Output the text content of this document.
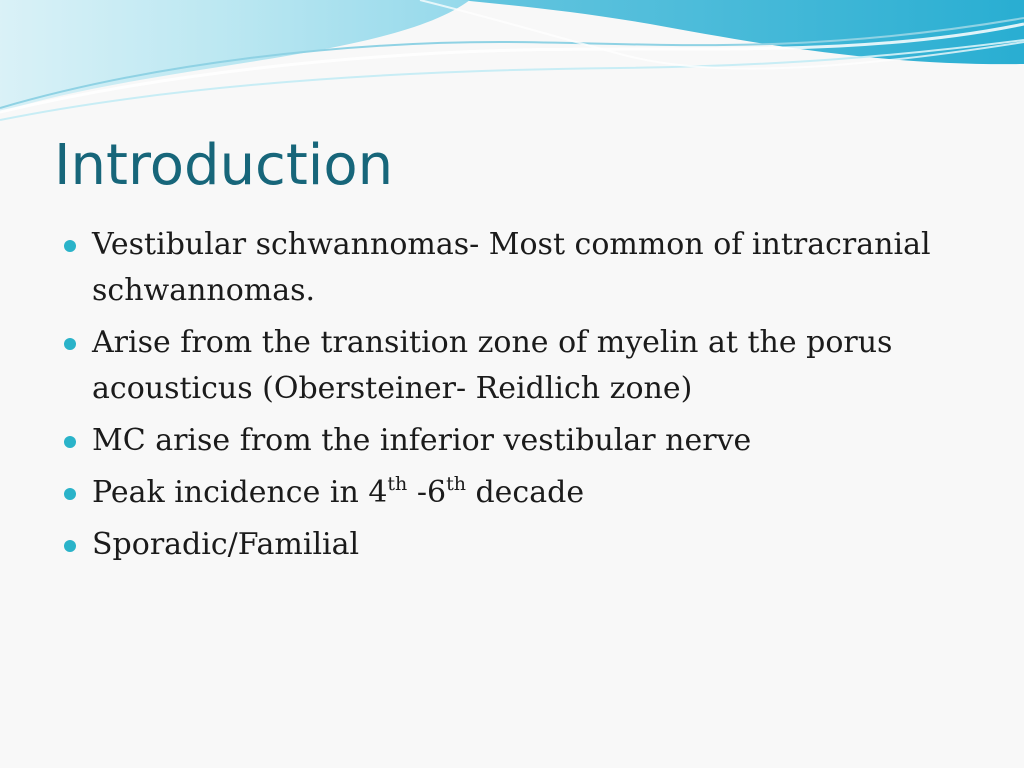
Introduction
Vestibular schwannomas- Most common of intracranial schwannomas.
Arise from the transition zone of myelin at the porus acousticus (Obersteiner- Reidlich zone)
MC arise from the inferior vestibular nerve
Peak incidence in 4th -6th decade
Sporadic/Familial
